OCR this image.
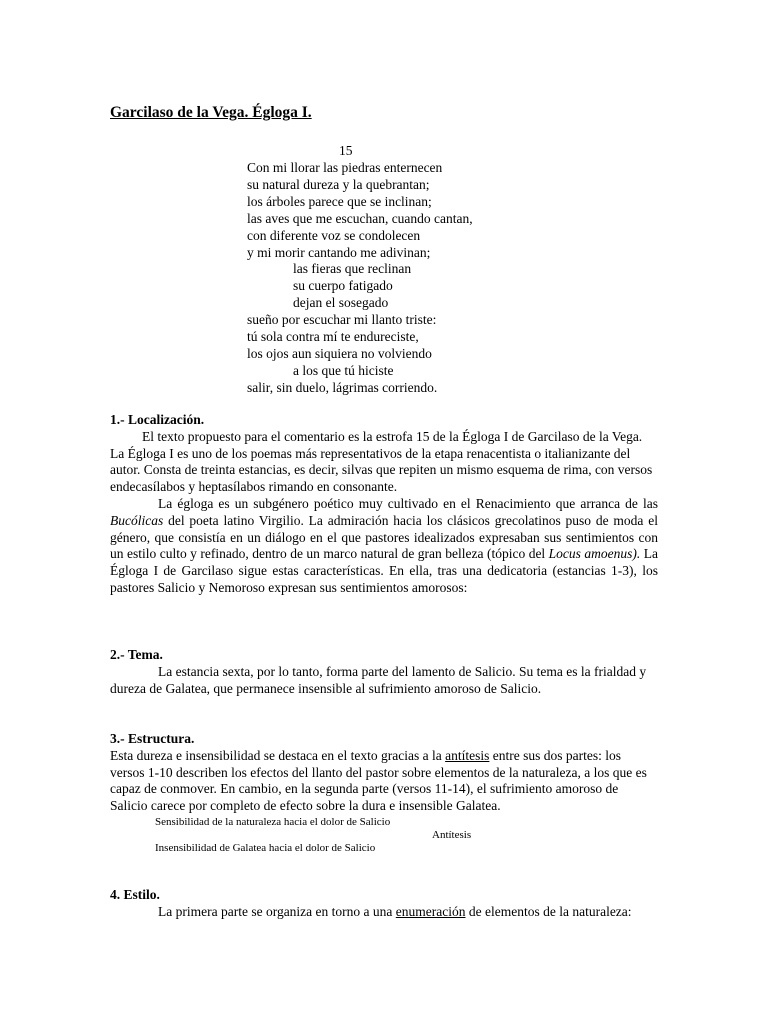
Garcilaso de la Vega. Égloga I.
15
Con mi llorar las piedras enternecen
su natural dureza y la quebrantan;
los árboles parece que se inclinan;
las aves que me escuchan, cuando cantan,
con diferente voz se condolecen
y mi morir cantando me adivinan;
las fieras que reclinan
su cuerpo fatigado
dejan el sosegado
sueño por escuchar mi llanto triste:
tú sola contra mí te endureciste,
los ojos aun siquiera no volviendo
a los que tú hiciste
salir, sin duelo, lágrimas corriendo.

1.- Localización.

El texto propuesto para el comentario es la estrofa 15 de la Égloga I de Garcilaso de la Vega. La Égloga I es uno de los poemas más representativos de la etapa renacentista o italianizante del autor. Consta de treinta estancias, es decir, silvas que repiten un mismo esquema de rima, con versos endecasílabos y heptasílabos rimando en consonante.

La égloga es un subgénero poético muy cultivado en el Renacimiento que arranca de las Bucólicas del poeta latino Virgilio. La admiración hacia los clásicos grecolatinos puso de moda el género, que consistía en un diálogo en el que pastores idealizados expresaban sus sentimientos con un estilo culto y refinado, dentro de un marco natural de gran belleza (tópico del Locus amoenus). La Égloga I de Garcilaso sigue estas características. En ella, tras una dedicatoria (estancias 1-3), los pastores Salicio y Nemoroso expresan sus sentimientos amorosos:

2.- Tema.

La estancia sexta, por lo tanto, forma parte del lamento de Salicio. Su tema es la frialdad y dureza de Galatea, que permanece insensible al sufrimiento amoroso de Salicio.

3.- Estructura.

Esta dureza e insensibilidad se destaca en el texto gracias a la antítesis entre sus dos partes: los versos 1-10 describen los efectos del llanto del pastor sobre elementos de la naturaleza, a los que es capaz de conmover. En cambio, en la segunda parte (versos 11-14), el sufrimiento amoroso de Salicio carece por completo de efecto sobre la dura e insensible Galatea.

Sensibilidad de la naturaleza hacia el dolor de Salicio
Antítesis
Insensibilidad de Galatea hacia el dolor de Salicio

4. Estilo.

La primera parte se organiza en torno a una enumeración de elementos de la naturaleza:
